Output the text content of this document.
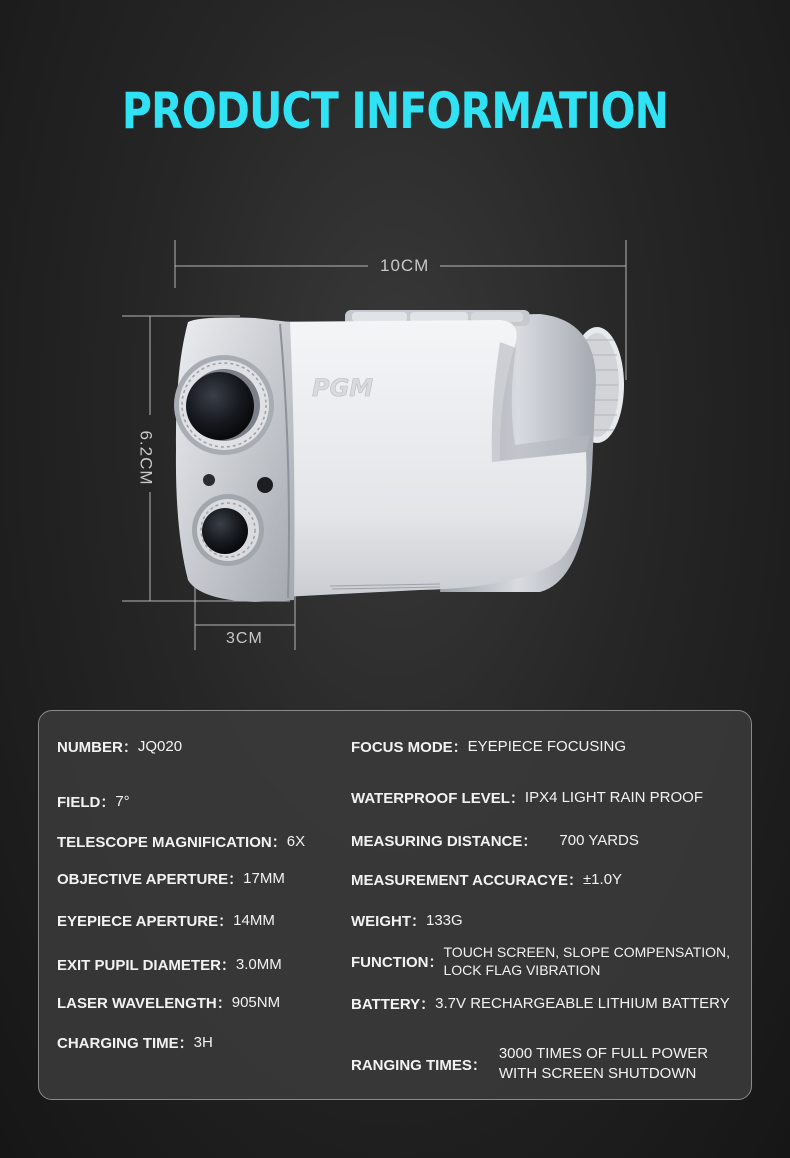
PRODUCT INFORMATION
PGM
10CM
6.2CM
3CM
NUMBER： JQ020
FIELD： 7°
TELESCOPE MAGNIFICATION： 6X
OBJECTIVE APERTURE： 17MM
EYEPIECE APERTURE： 14MM
EXIT PUPIL DIAMETER： 3.0MM
LASER WAVELENGTH： 905NM
CHARGING TIME： 3H
FOCUS MODE： EYEPIECE FOCUSING
WATERPROOF LEVEL： IPX4 LIGHT RAIN PROOF
MEASURING DISTANCE： 700 YARDS
MEASUREMENT ACCURACYE： ±1.0Y
WEIGHT： 133G
FUNCTION：
TOUCH SCREEN, SLOPE COMPENSATION,
LOCK FLAG VIBRATION
BATTERY： 3.7V RECHARGEABLE LITHIUM BATTERY
RANGING TIMES：
3000 TIMES OF FULL POWER
WITH SCREEN SHUTDOWN
